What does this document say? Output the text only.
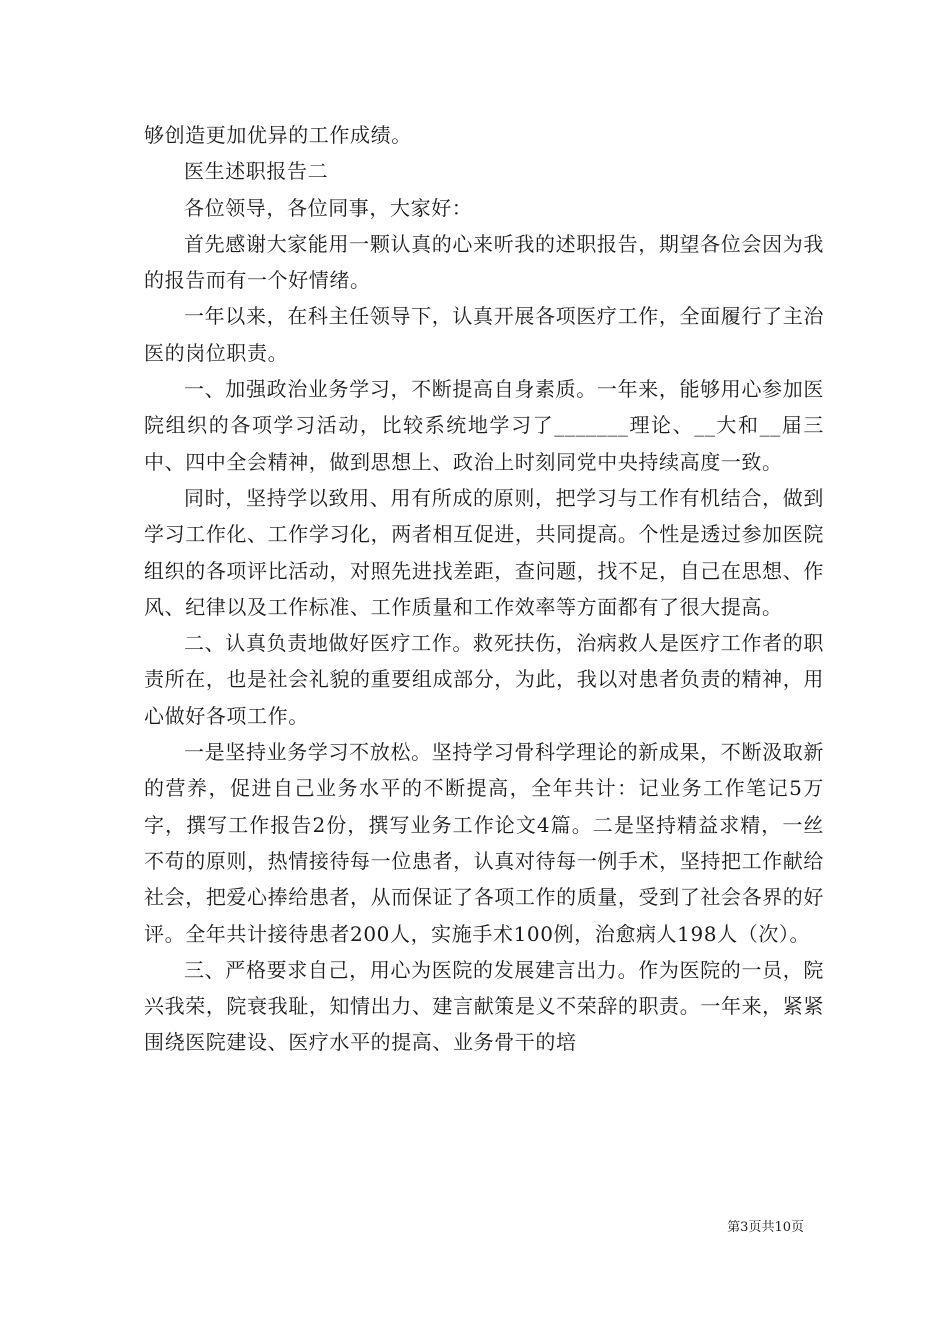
够创造更加优异的工作成绩。

医生述职报告二

各位领导，各位同事，大家好：

首先感谢大家能用一颗认真的心来听我的述职报告，期望各位会因为我的报告而有一个好情绪。

一年以来，在科主任领导下，认真开展各项医疗工作，全面履行了主治医的岗位职责。

一、加强政治业务学习，不断提高自身素质。一年来，能够用心参加医院组织的各项学习活动，比较系统地学习了_______理论、__大和__届三中、四中全会精神，做到思想上、政治上时刻同党中央持续高度一致。

同时，坚持学以致用、用有所成的原则，把学习与工作有机结合，做到学习工作化、工作学习化，两者相互促进，共同提高。个性是透过参加医院组织的各项评比活动，对照先进找差距，查问题，找不足，自己在思想、作风、纪律以及工作标准、工作质量和工作效率等方面都有了很大提高。

二、认真负责地做好医疗工作。救死扶伤，治病救人是医疗工作者的职责所在，也是社会礼貌的重要组成部分，为此，我以对患者负责的精神，用心做好各项工作。

一是坚持业务学习不放松。坚持学习骨科学理论的新成果，不断汲取新的营养，促进自己业务水平的不断提高，全年共计：记业务工作笔记5万字，撰写工作报告2份，撰写业务工作论文4篇。二是坚持精益求精，一丝不苟的原则，热情接待每一位患者，认真对待每一例手术，坚持把工作献给社会，把爱心捧给患者，从而保证了各项工作的质量，受到了社会各界的好评。全年共计接待患者200人，实施手术100例，治愈病人198人（次）。

三、严格要求自己，用心为医院的发展建言出力。作为医院的一员，院兴我荣，院衰我耻，知情出力、建言献策是义不荣辞的职责。一年来，紧紧围绕医院建设、医疗水平的提高、业务骨干的培

第3页共10页
